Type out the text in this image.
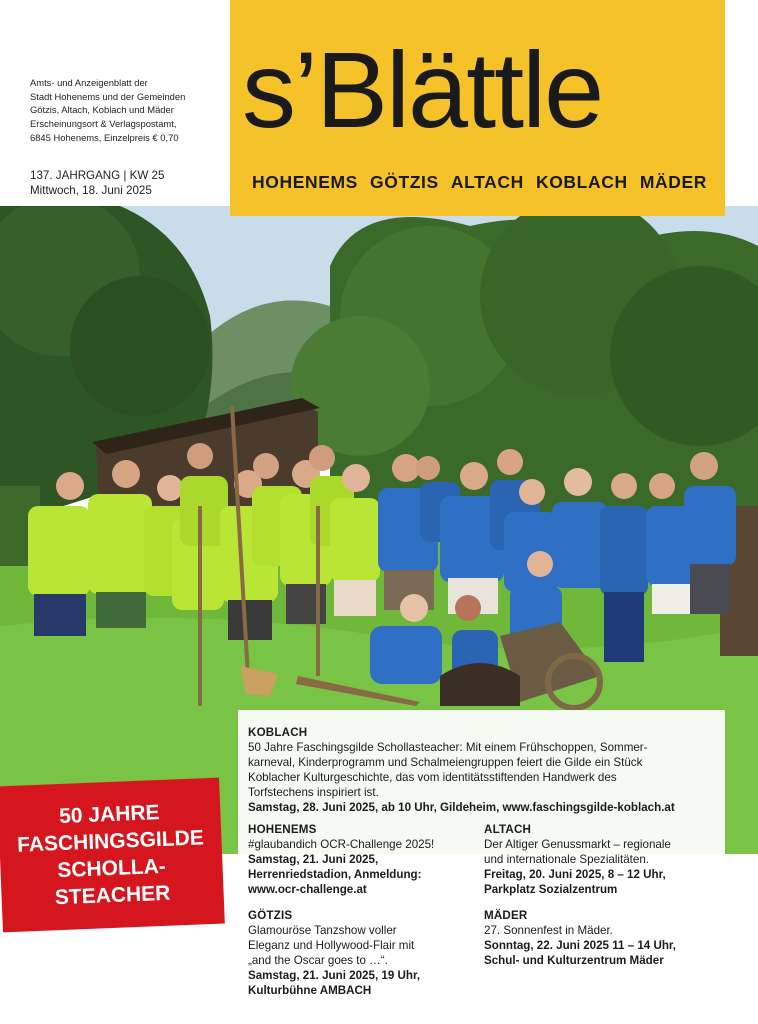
Amts- und Anzeigenblatt der
Stadt Hohenems und der Gemeinden
Götzis, Altach, Koblach und Mäder
Erscheinungsort & Verlagspostamt,
6845 Hohenems, Einzelpreis € 0,70
137. JAHRGANG | KW 25
Mittwoch, 18. Juni 2025
s’Blättle
HOHENEMS GÖTZIS ALTACH KOBLACH MÄDER
KOBLACH
50 Jahre Faschingsgilde Schollasteacher: Mit einem Frühschoppen, Sommer-
karneval, Kinderprogramm und Schalmeiengruppen feiert die Gilde ein Stück
Koblacher Kulturgeschichte, das vom identitätsstiftenden Handwerk des
Torfstechens inspiriert ist.
Samstag, 28. Juni 2025, ab 10 Uhr, Gildeheim, www.faschingsgilde-koblach.at
HOHENEMS
#glaubandich OCR-Challenge 2025!
Samstag, 21. Juni 2025,
Herrenriedstadion, Anmeldung:
www.ocr-challenge.at
ALTACH
Der Altiger Genussmarkt – regionale
und internationale Spezialitäten.
Freitag, 20. Juni 2025, 8 – 12 Uhr,
Parkplatz Sozialzentrum
GÖTZIS
Glamouröse Tanzshow voller
Eleganz und Hollywood-Flair mit
„and the Oscar goes to …“.
Samstag, 21. Juni 2025, 19 Uhr,
Kulturbühne AMBACH
MÄDER
27. Sonnenfest in Mäder.
Sonntag, 22. Juni 2025 11 – 14 Uhr,
Schul- und Kulturzentrum Mäder
50 JAHRE
FASCHINGSGILDE
SCHOLLA-
STEACHER
